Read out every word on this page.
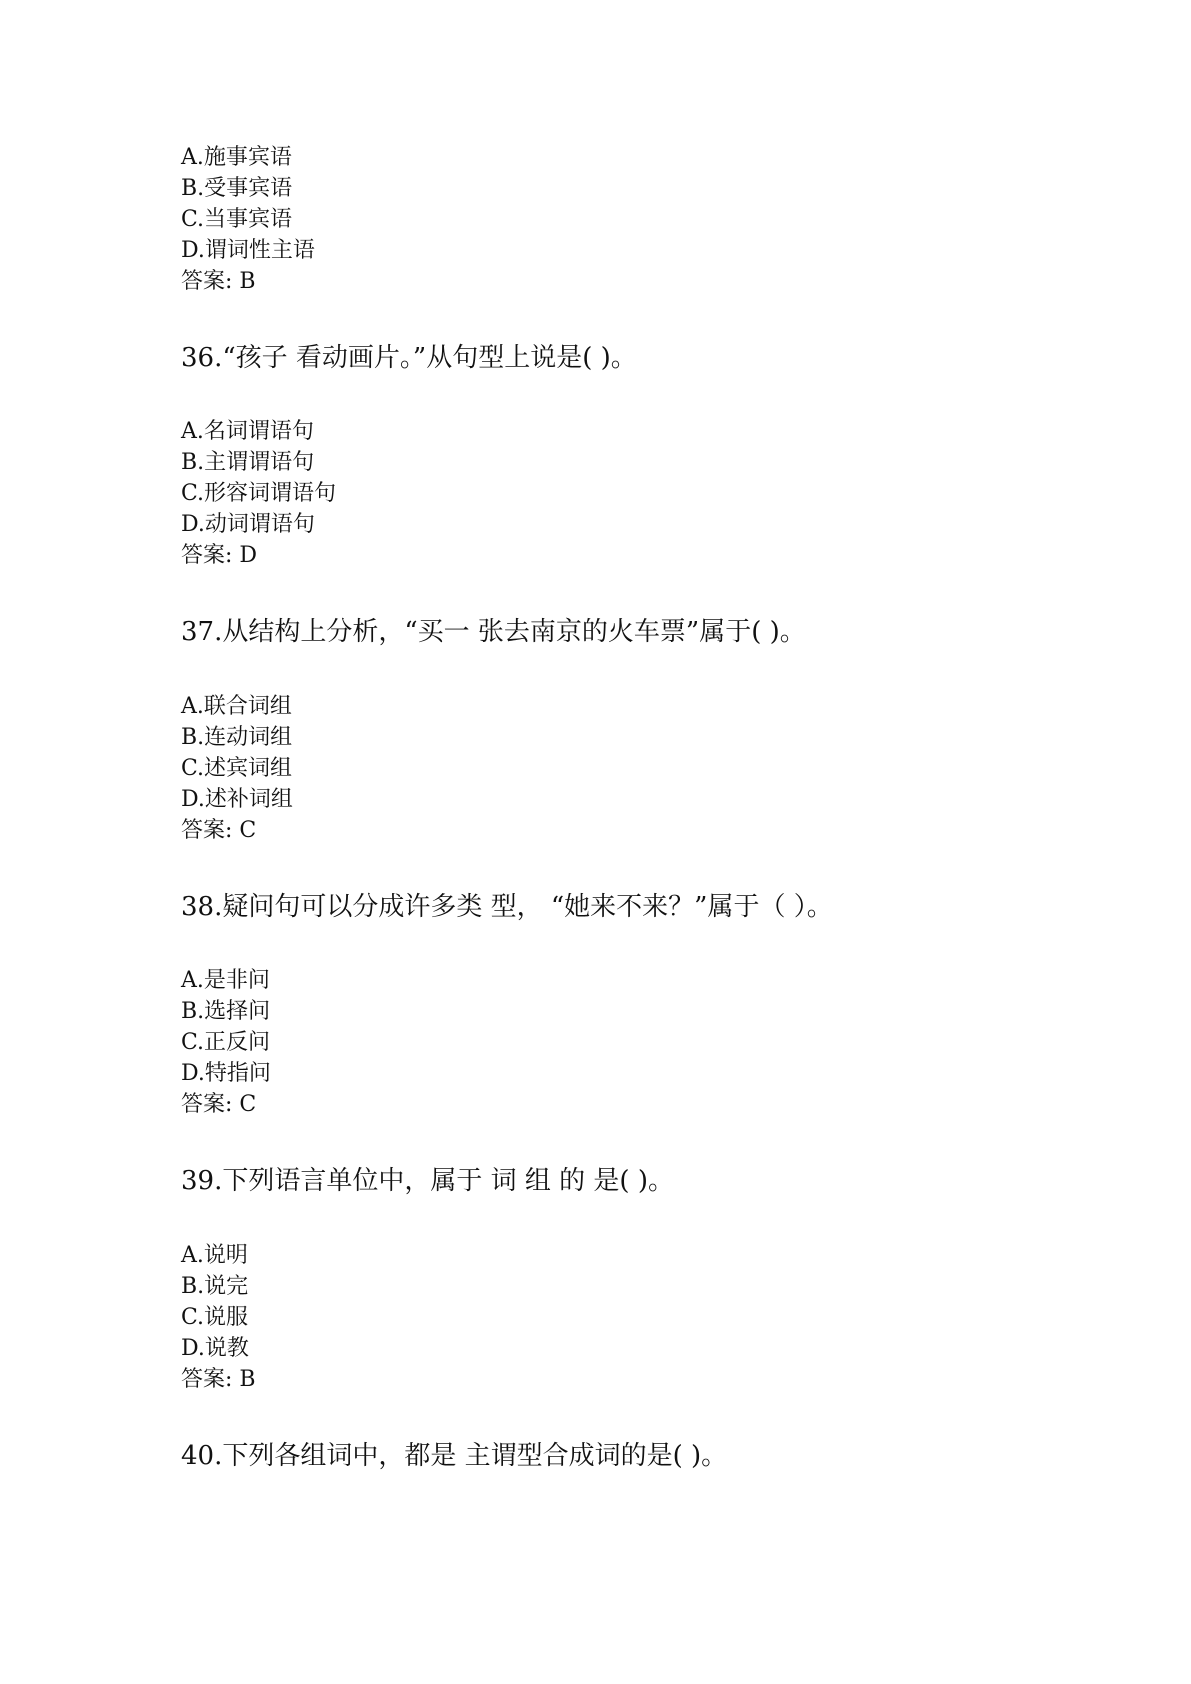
A.施事宾语
B.受事宾语
C.当事宾语
D.谓词性主语
答案: B
36.“孩子 看动画片。”从句型上说是( )。
A.名词谓语句
B.主谓谓语句
C.形容词谓语句
D.动词谓语句
答案: D
37.从结构上分析，“买一 张去南京的火车票”属于( )。
A.联合词组
B.连动词组
C.述宾词组
D.述补词组
答案: C
38.疑问句可以分成许多类 型， “她来不来？”属于（ ）。
A.是非问
B.选择问
C.正反问
D.特指问
答案: C
39.下列语言单位中，属于 词 组 的 是( )。
A.说明
B.说完
C.说服
D.说教
答案: B
40.下列各组词中，都是 主谓型合成词的是( )。
